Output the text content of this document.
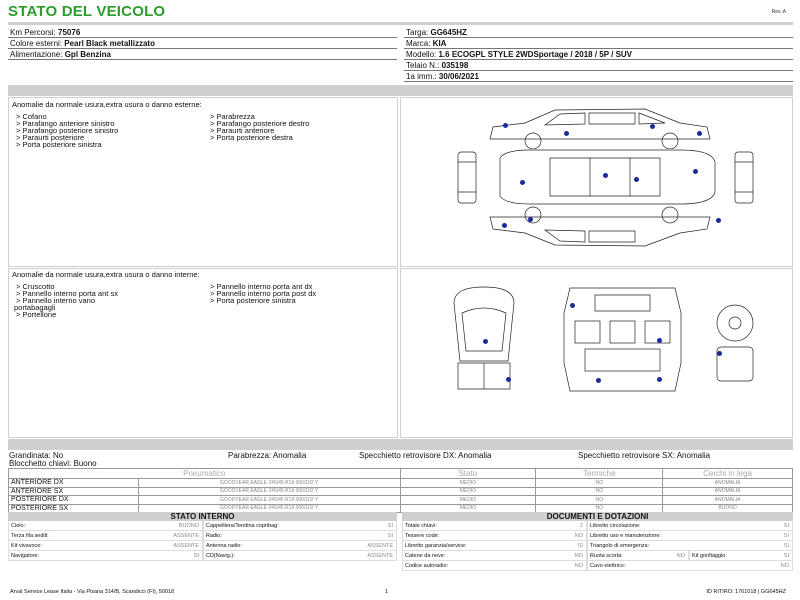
STATO DEL VEICOLO	Rev. A
Km Percorsi: 75076
Colore esterni: Pearl Black metallizzato
Alimentazione: Gpl Benzina
Targa: GG645HZ
Marca: KIA
Modello: 1.6 ECOGPL STYLE 2WDSportage / 2018 / 5P / SUV
Telaio N.: 035198
1a imm.: 30/06/2021
Anomalie da normale usura,extra usura o danno esterne:
> Cofano
> Parafango anteriore sinistro
> Parafango posteriore sinistro
> Paraurti posteriore
> Porta posteriore sinistra
> Parabrezza
> Parafango posteriore destro
> Paraurti anteriore
> Porta posteriore destra
Anomalie da normale usura,extra usura o danno interne:
> Cruscotto
> Pannello interno porta ant sx
> Pannello interno vano
portabagagli
> Portellone
> Pannello interno porta ant dx
> Pannello interno porta post dx
> Porta posteriore sinistra
Grandinata: No	Parabrezza: Anomalia	Specchietto retrovisore DX: Anomalia	Specchietto retrovisore SX: Anomalia
Blocchetto chiavi: Buono
Pneumatico		Stato	Termiche	Cerchi in lega
ANTERIORE DX	GOODYEAR EAGLE 245/45 R19 000/102 Y	MEDIO	NO	ANOMALIA
ANTERIORE SX	GOODYEAR EAGLE 245/45 R19 000/102 Y	MEDIO	NO	ANOMALIA
POSTERIORE DX	GOODYEAR EAGLE 245/45 R19 000/102 Y	MEDIO	NO	ANOMALIA
POSTERIORE SX	GOODYEAR EAGLE 245/45 R19 000/102 Y	MEDIO	NO	BUONO
STATO INTERNO
Cielo:	BUONO
Terza fila sedili:	ASSENTE
Kit vivavoce:	ASSENTE
Navigatore:	SI
Cappelliera/Tendina copribag:	SI
Radio:	SI
Antenna radio:	ASSENTE
CD(Navig.):	ASSENTE
DOCUMENTI E DOTAZIONI
Totale chiavi:	2
Tessere code:	NO
Libretto garanzia/service:	SI
Catene da neve:	NO
Codice autoradio:	NO
Libretto circolazione:	SI
Libretto uso e manutenzione:	SI
Triangolo di emergenza:	SI
Ruota scorta:	NO	Kit gonfiaggio:	SI
Cavo elettrico:	NO
Arval Service Lease Italia - Via Pisana 314/B, Scandicci (FI), 50018	1	ID RITIRO: 1761018 | GG645HZ
